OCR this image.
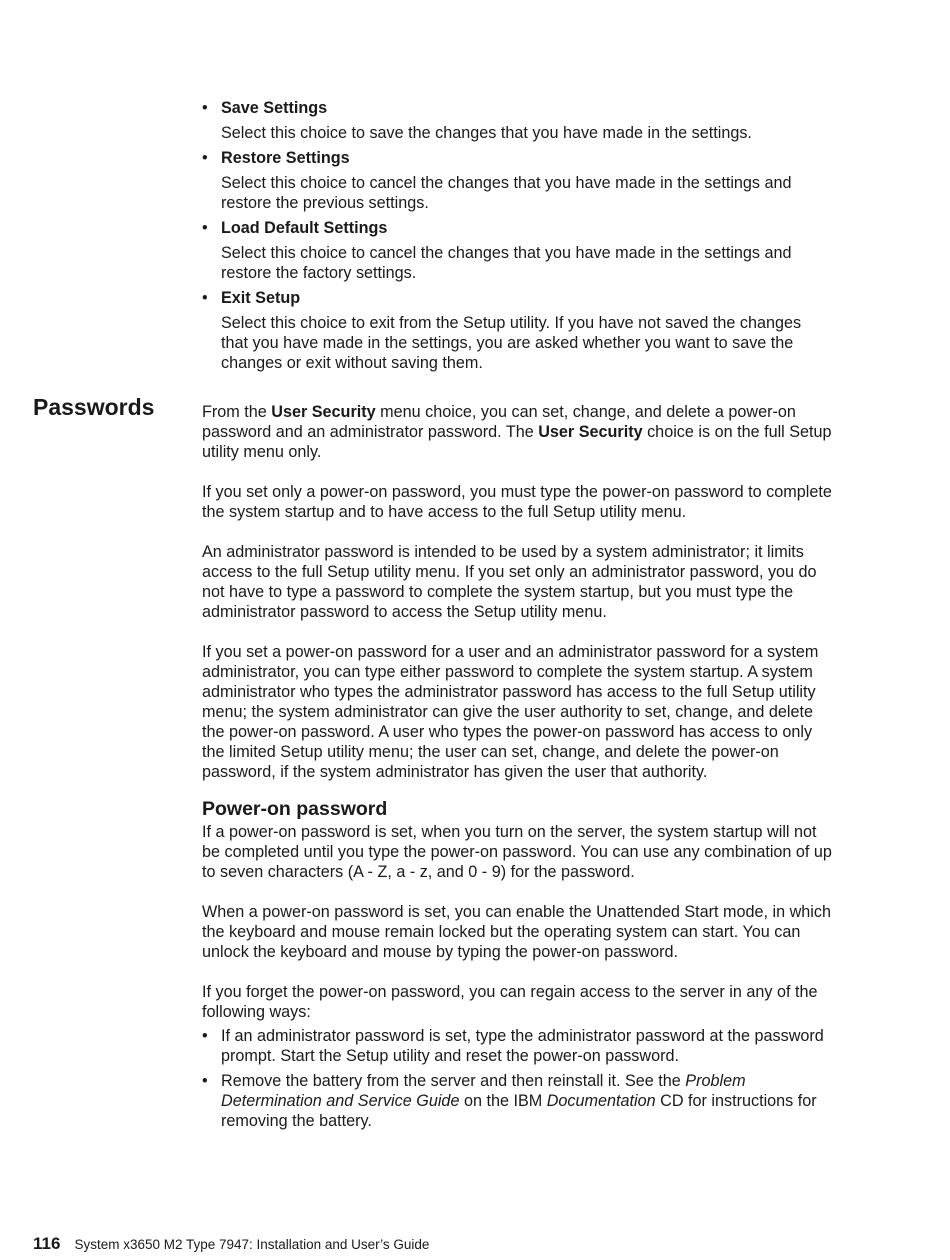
• Save Settings
Select this choice to save the changes that you have made in the settings.
• Restore Settings
Select this choice to cancel the changes that you have made in the settings and restore the previous settings.
• Load Default Settings
Select this choice to cancel the changes that you have made in the settings and restore the factory settings.
• Exit Setup
Select this choice to exit from the Setup utility. If you have not saved the changes that you have made in the settings, you are asked whether you want to save the changes or exit without saving them.

From the User Security menu choice, you can set, change, and delete a power-on password and an administrator password. The User Security choice is on the full Setup utility menu only.

If you set only a power-on password, you must type the power-on password to complete the system startup and to have access to the full Setup utility menu.

An administrator password is intended to be used by a system administrator; it limits access to the full Setup utility menu. If you set only an administrator password, you do not have to type a password to complete the system startup, but you must type the administrator password to access the Setup utility menu.

If you set a power-on password for a user and an administrator password for a system administrator, you can type either password to complete the system startup. A system administrator who types the administrator password has access to the full Setup utility menu; the system administrator can give the user authority to set, change, and delete the power-on password. A user who types the power-on password has access to only the limited Setup utility menu; the user can set, change, and delete the power-on password, if the system administrator has given the user that authority.

Power-on password

If a power-on password is set, when you turn on the server, the system startup will not be completed until you type the power-on password. You can use any combination of up to seven characters (A - Z, a - z, and 0 - 9) for the password.

When a power-on password is set, you can enable the Unattended Start mode, in which the keyboard and mouse remain locked but the operating system can start. You can unlock the keyboard and mouse by typing the power-on password.

If you forget the power-on password, you can regain access to the server in any of the following ways:

• If an administrator password is set, type the administrator password at the password prompt. Start the Setup utility and reset the power-on password.
• Remove the battery from the server and then reinstall it. See the Problem Determination and Service Guide on the IBM Documentation CD for instructions for removing the battery.
Passwords
116 System x3650 M2 Type 7947: Installation and User’s Guide
